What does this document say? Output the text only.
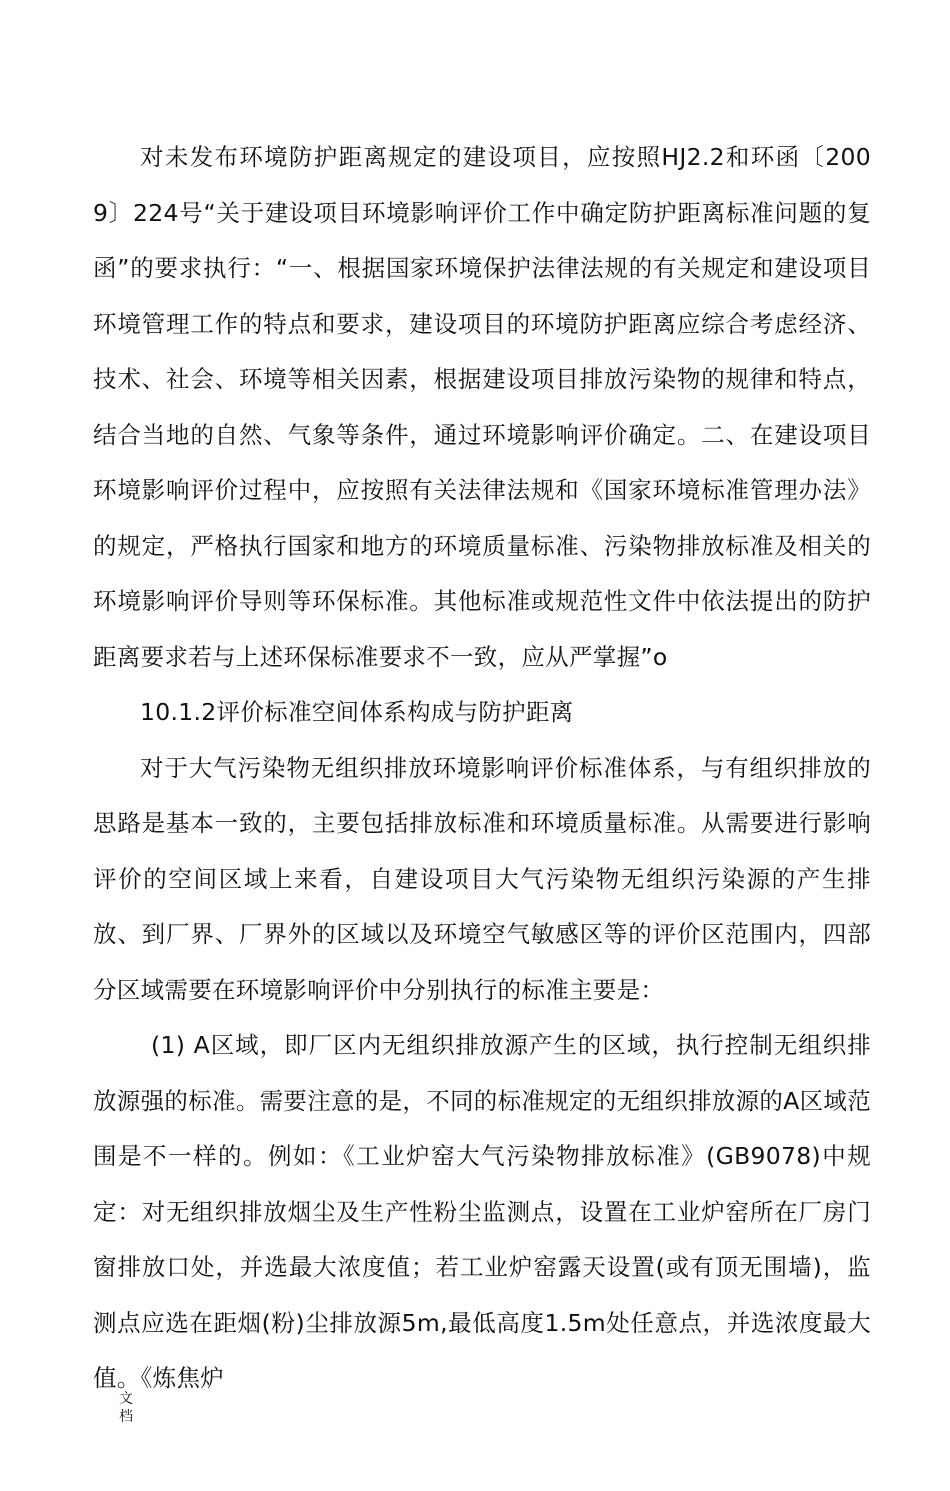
对未发布环境防护距离规定的建设项目，应按照HJ2.2和环函〔2009〕224号“关于建设项目环境影响评价工作中确定防护距离标准问题的复函”的要求执行：“一、根据国家环境保护法律法规的有关规定和建设项目环境管理工作的特点和要求，建设项目的环境防护距离应综合考虑经济、技术、社会、环境等相关因素，根据建设项目排放污染物的规律和特点，结合当地的自然、气象等条件，通过环境影响评价确定。二、在建设项目环境影响评价过程中，应按照有关法律法规和《国家环境标准管理办法》的规定，严格执行国家和地方的环境质量标准、污染物排放标准及相关的环境影响评价导则等环保标准。其他标准或规范性文件中依法提出的防护距离要求若与上述环保标准要求不一致，应从严掌握”o

10.1.2评价标准空间体系构成与防护距离

对于大气污染物无组织排放环境影响评价标准体系，与有组织排放的思路是基本一致的，主要包括排放标准和环境质量标准。从需要进行影响评价的空间区域上来看，自建设项目大气污染物无组织污染源的产生排放、到厂界、厂界外的区域以及环境空气敏感区等的评价区范围内，四部分区域需要在环境影响评价中分别执行的标准主要是：

(1) A区域，即厂区内无组织排放源产生的区域，执行控制无组织排放源强的标准。需要注意的是，不同的标准规定的无组织排放源的A区域范围是不一样的。例如：《工业炉窑大气污染物排放标准》(GB9078)中规定：对无组织排放烟尘及生产性粉尘监测点，设置在工业炉窑所在厂房门窗排放口处，并选最大浓度值；若工业炉窑露天设置(或有顶无围墙)，监测点应选在距烟(粉)尘排放源5m,最低高度1.5m处任意点，并选浓度最大值。《炼焦炉

文
档
